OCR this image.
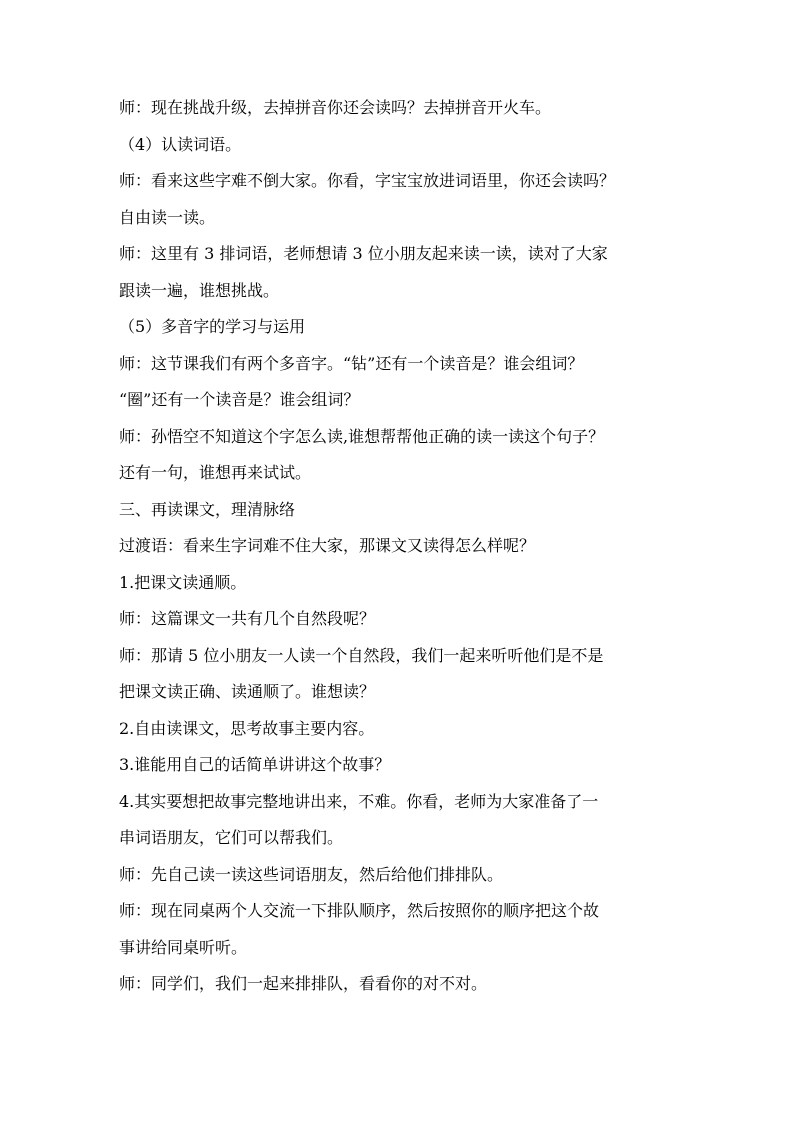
师：现在挑战升级，去掉拼音你还会读吗？去掉拼音开火车。

（4）认读词语。

师：看来这些字难不倒大家。你看，字宝宝放进词语里，你还会读吗？

自由读一读。

师：这里有 3 排词语，老师想请 3 位小朋友起来读一读，读对了大家

跟读一遍，谁想挑战。

（5）多音字的学习与运用

师：这节课我们有两个多音字。“钻”还有一个读音是？谁会组词？

“圈”还有一个读音是？谁会组词？

师：孙悟空不知道这个字怎么读,谁想帮帮他正确的读一读这个句子？

还有一句，谁想再来试试。

三、再读课文，理清脉络

过渡语：看来生字词难不住大家，那课文又读得怎么样呢？

1.把课文读通顺。

师：这篇课文一共有几个自然段呢？

师：那请 5 位小朋友一人读一个自然段，我们一起来听听他们是不是

把课文读正确、读通顺了。谁想读？

2.自由读课文，思考故事主要内容。

3.谁能用自己的话简单讲讲这个故事？

4.其实要想把故事完整地讲出来，不难。你看，老师为大家准备了一

串词语朋友，它们可以帮我们。

师：先自己读一读这些词语朋友，然后给他们排排队。

师：现在同桌两个人交流一下排队顺序，然后按照你的顺序把这个故

事讲给同桌听听。

师：同学们，我们一起来排排队，看看你的对不对。
